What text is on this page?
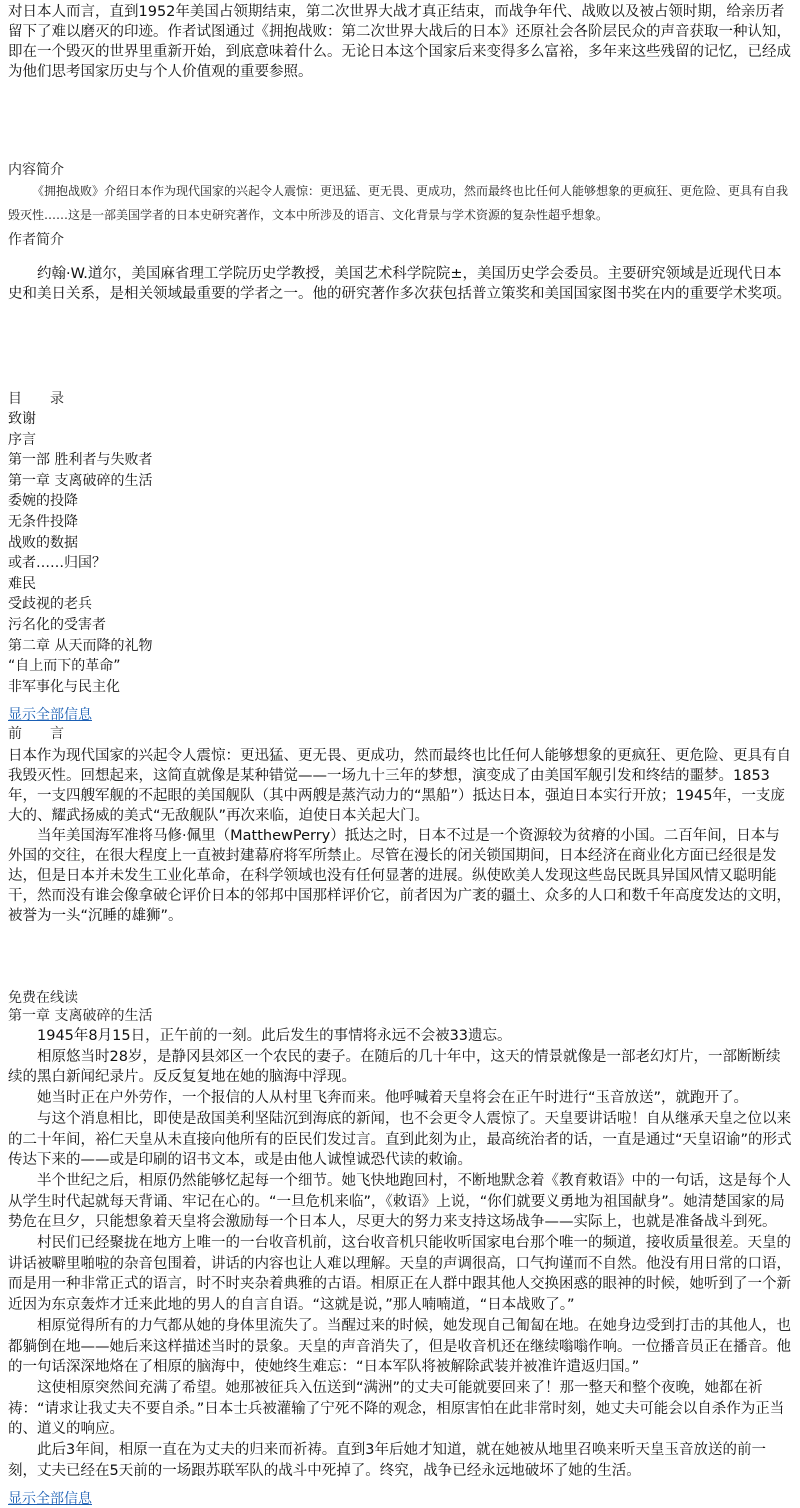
对日本人而言，直到1952年美国占领期结束，第二次世界大战才真正结束，而战争年代、战败以及被占领时期，给亲历者留下了难以磨灭的印迹。作者试图通过《拥抱战败：第二次世界大战后的日本》还原社会各阶层民众的声音获取一种认知，即在一个毁灭的世界里重新开始，到底意味着什么。无论日本这个国家后来变得多么富裕，多年来这些残留的记忆，已经成为他们思考国家历史与个人价值观的重要参照。

内容简介

《拥抱战败》介绍日本作为现代国家的兴起令人震惊：更迅猛、更无畏、更成功，然而最终也比任何人能够想象的更疯狂、更危险、更具有自我毁灭性……这是一部美国学者的日本史研究著作，文本中所涉及的语言、文化背景与学术资源的复杂性超乎想象。

作者简介

约翰·W.道尔，美国麻省理工学院历史学教授，美国艺术科学院院±，美国历史学会委员。主要研究领域是近现代日本史和美日关系，是相关领域最重要的学者之一。他的研究著作多次获包括普立策奖和美国国家图书奖在内的重要学术奖项。

目　　录
致谢
序言
第一部 胜利者与失败者
第一章 支离破碎的生活
委婉的投降
无条件投降
战败的数据
或者……归国？
难民
受歧视的老兵
污名化的受害者
第二章 从天而降的礼物
“自上而下的革命”
非军事化与民主化
显示全部信息
前　　言

日本作为现代国家的兴起令人震惊：更迅猛、更无畏、更成功，然而最终也比任何人能够想象的更疯狂、更危险、更具有自我毁灭性。回想起来，这简直就像是某种错觉——一场九十三年的梦想，演变成了由美国军舰引发和终结的噩梦。1853年，一支四艘军舰的不起眼的美国舰队（其中两艘是蒸汽动力的“黑船”）抵达日本，强迫日本实行开放；1945年，一支庞大的、耀武扬威的美式“无敌舰队”再次来临，迫使日本关起大门。

当年美国海军准将马修·佩里（MatthewPerry）抵达之时，日本不过是一个资源较为贫瘠的小国。二百年间，日本与外国的交往，在很大程度上一直被封建幕府将军所禁止。尽管在漫长的闭关锁国期间，日本经济在商业化方面已经很是发达，但是日本并未发生工业化革命，在科学领域也没有任何显著的进展。纵使欧美人发现这些岛民既具异国风情又聪明能干，然而没有谁会像拿破仑评价日本的邻邦中国那样评价它，前者因为广袤的疆土、众多的人口和数千年高度发达的文明，被誉为一头“沉睡的雄狮”。

免费在线读
第一章 支离破碎的生活

1945年8月15日，正午前的一刻。此后发生的事情将永远不会被33遗忘。

相原悠当时28岁，是静冈县郊区一个农民的妻子。在随后的几十年中，这天的情景就像是一部老幻灯片，一部断断续续的黑白新闻纪录片。反反复复地在她的脑海中浮现。

她当时正在户外劳作，一个报信的人从村里飞奔而来。他呼喊着天皇将会在正午时进行“玉音放送”，就跑开了。

与这个消息相比，即使是敌国美利坚陆沉到海底的新闻，也不会更令人震惊了。天皇要讲话啦！自从继承天皇之位以来的二十年间，裕仁天皇从未直接向他所有的臣民们发过言。直到此刻为止，最高统治者的话，一直是通过“天皇诏谕”的形式传达下来的——或是印刷的诏书文本，或是由他人诚惶诚恐代读的敕谕。

半个世纪之后，相原仍然能够忆起每一个细节。她飞快地跑回村，不断地默念着《教育敕语》中的一句话，这是每个人从学生时代起就每天背诵、牢记在心的。“一旦危机来临”，《敕语》上说，“你们就要义勇地为祖国献身”。她清楚国家的局势危在旦夕，只能想象着天皇将会激励每一个日本人，尽更大的努力来支持这场战争——实际上，也就是准备战斗到死。

村民们已经聚拢在地方上唯一的一台收音机前，这台收音机只能收听国家电台那个唯一的频道，接收质量很差。天皇的讲话被噼里啪啦的杂音包围着，讲话的内容也让人难以理解。天皇的声调很高，口气拘谨而不自然。他没有用日常的口语，而是用一种非常正式的语言，时不时夹杂着典雅的古语。相原正在人群中跟其他人交换困惑的眼神的时候，她听到了一个新近因为东京轰炸才迁来此地的男人的自言自语。“这就是说，”那人喃喃道，“日本战败了。”

相原觉得所有的力气都从她的身体里流失了。当醒过来的时候，她发现自己匍匐在地。在她身边受到打击的其他人，也都躺倒在地——她后来这样描述当时的景象。天皇的声音消失了，但是收音机还在继续嗡嗡作响。一位播音员正在播音。他的一句话深深地烙在了相原的脑海中，使她终生难忘：“日本军队将被解除武装并被准许遣返归国。”

这使相原突然间充满了希望。她那被征兵入伍送到“满洲”的丈夫可能就要回来了！那一整天和整个夜晚，她都在祈祷：“请求让我丈夫不要自杀。”日本士兵被灌输了宁死不降的观念，相原害怕在此非常时刻，她丈夫可能会以自杀作为正当的、道义的响应。

此后3年间，相原一直在为丈夫的归来而祈祷。直到3年后她才知道，就在她被从地里召唤来听天皇玉音放送的前一刻，丈夫已经在5天前的一场跟苏联军队的战斗中死掉了。终究，战争已经永远地破坏了她的生活。

显示全部信息
